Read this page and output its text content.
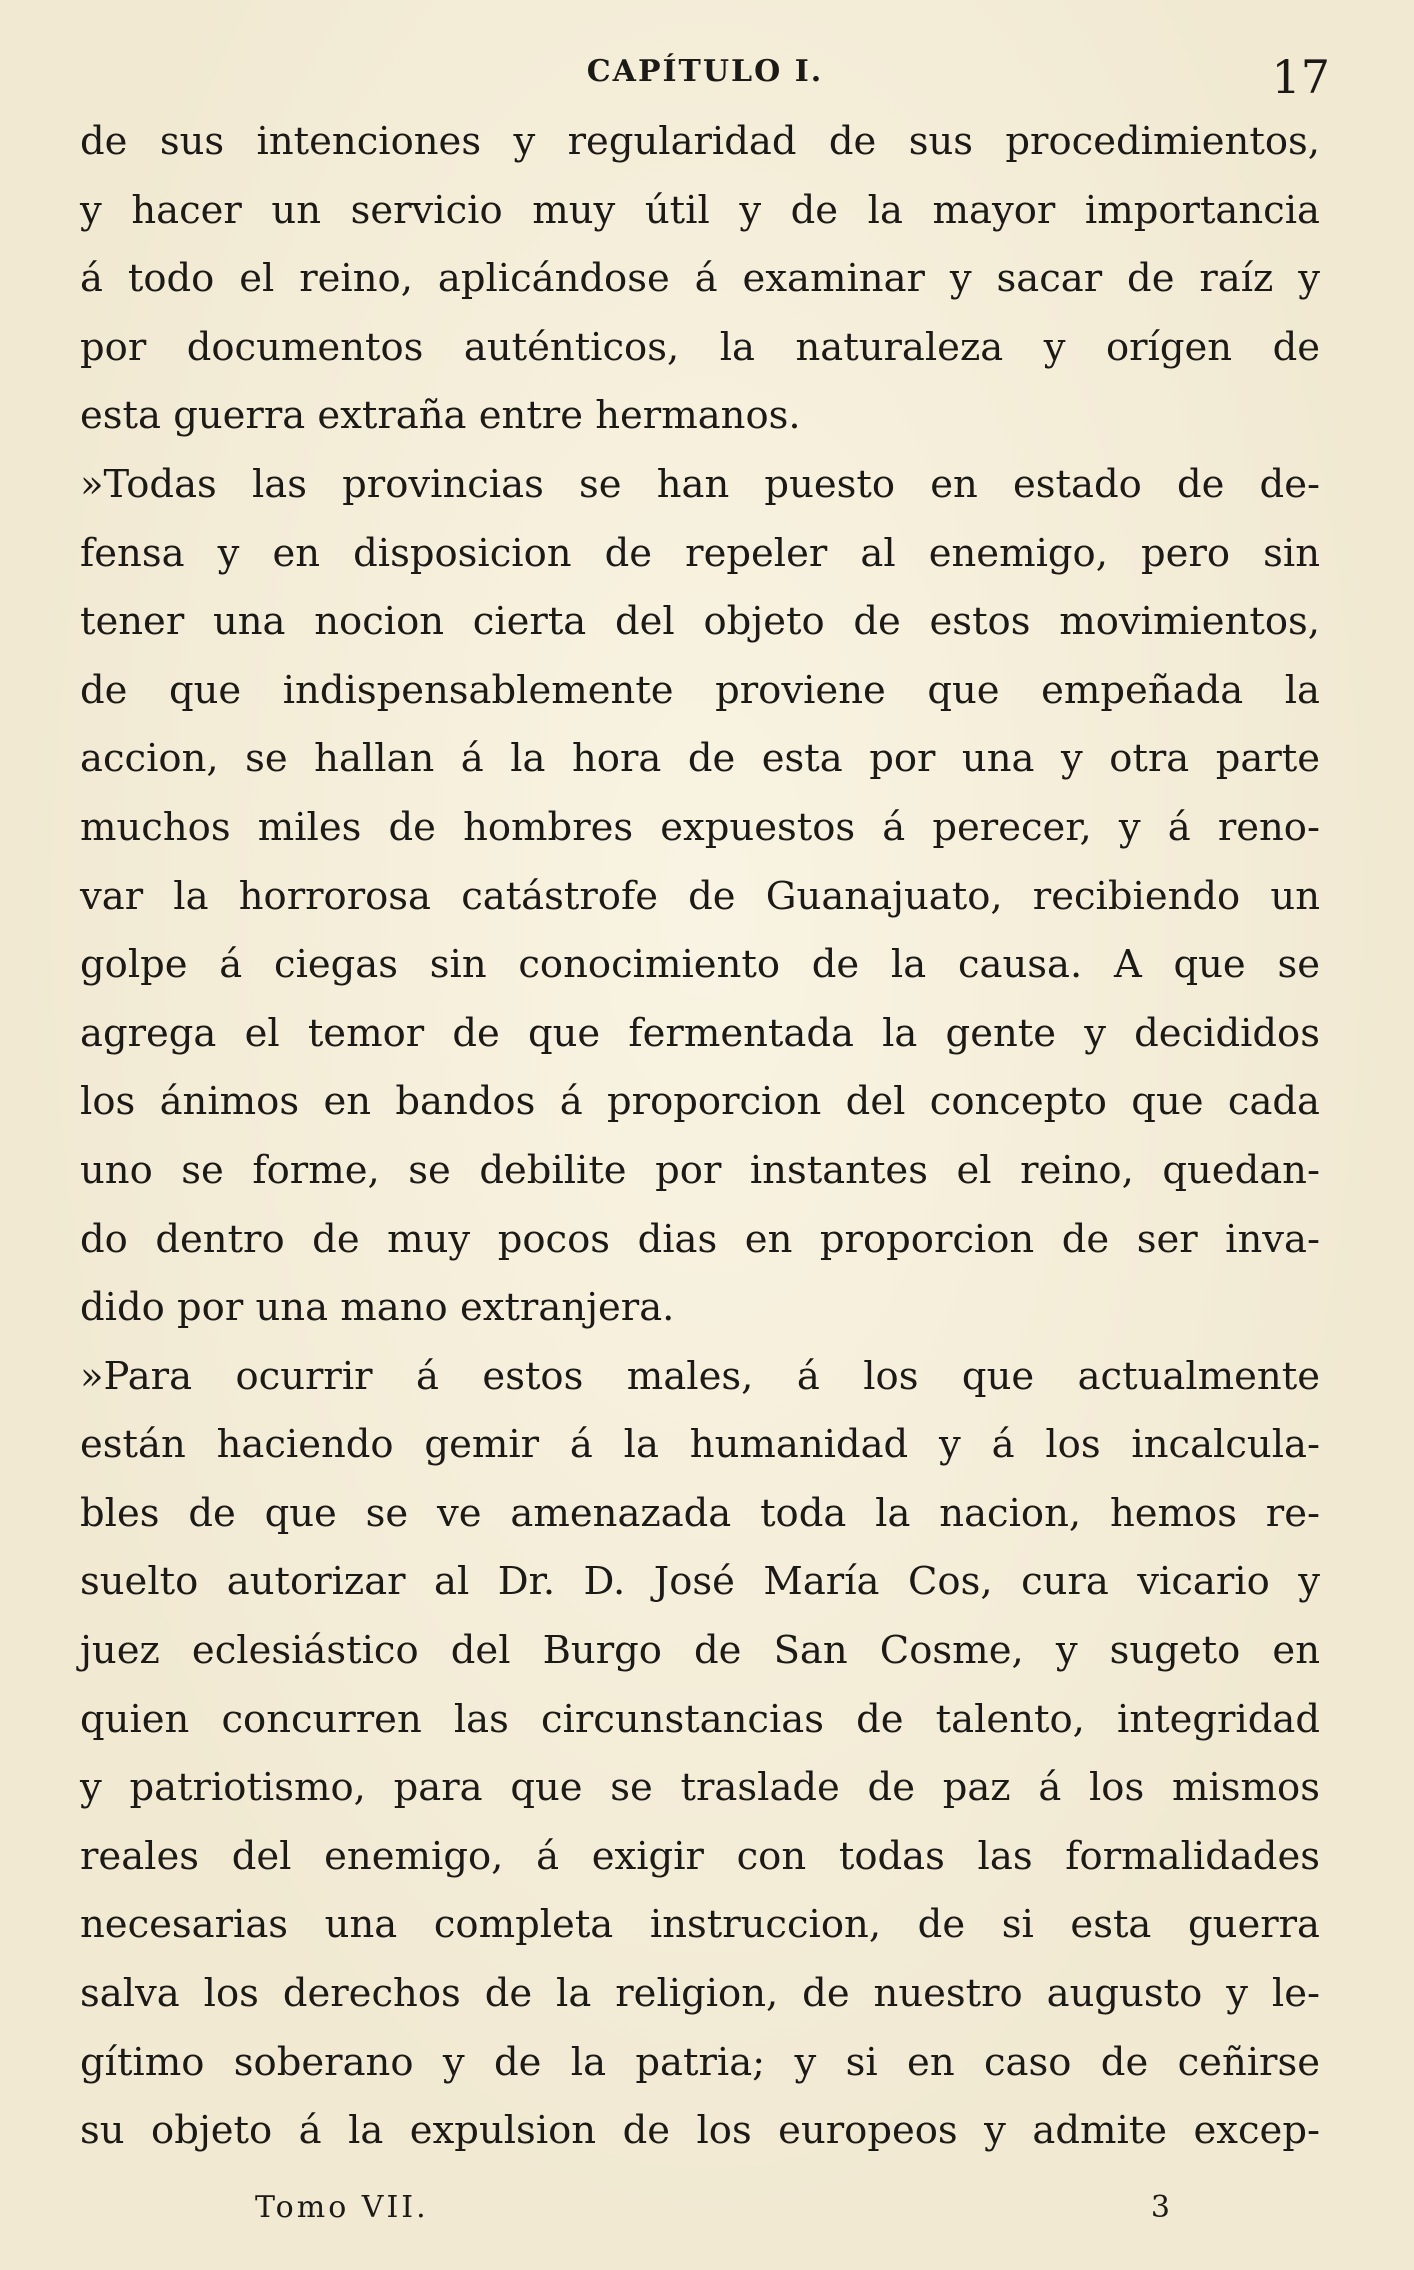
CAPÍTULO I.	17
de sus intenciones y regularidad de sus procedimientos,
y hacer un servicio muy útil y de la mayor importancia
á todo el reino, aplicándose á examinar y sacar de raíz y
por documentos auténticos, la naturaleza y orígen de
esta guerra extraña entre hermanos.
»Todas las provincias se han puesto en estado de de-
fensa y en disposicion de repeler al enemigo, pero sin
tener una nocion cierta del objeto de estos movimientos,
de que indispensablemente proviene que empeñada la
accion, se hallan á la hora de esta por una y otra parte
muchos miles de hombres expuestos á perecer, y á reno-
var la horrorosa catástrofe de Guanajuato, recibiendo un
golpe á ciegas sin conocimiento de la causa. A que se
agrega el temor de que fermentada la gente y decididos
los ánimos en bandos á proporcion del concepto que cada
uno se forme, se debilite por instantes el reino, quedan-
do dentro de muy pocos dias en proporcion de ser inva-
dido por una mano extranjera.
»Para ocurrir á estos males, á los que actualmente
están haciendo gemir á la humanidad y á los incalcula-
bles de que se ve amenazada toda la nacion, hemos re-
suelto autorizar al Dr. D. José María Cos, cura vicario y
juez eclesiástico del Burgo de San Cosme, y sugeto en
quien concurren las circunstancias de talento, integridad
y patriotismo, para que se traslade de paz á los mismos
reales del enemigo, á exigir con todas las formalidades
necesarias una completa instruccion, de si esta guerra
salva los derechos de la religion, de nuestro augusto y le-
gítimo soberano y de la patria; y si en caso de ceñirse
su objeto á la expulsion de los europeos y admite excep-
Tomo VII.	3
